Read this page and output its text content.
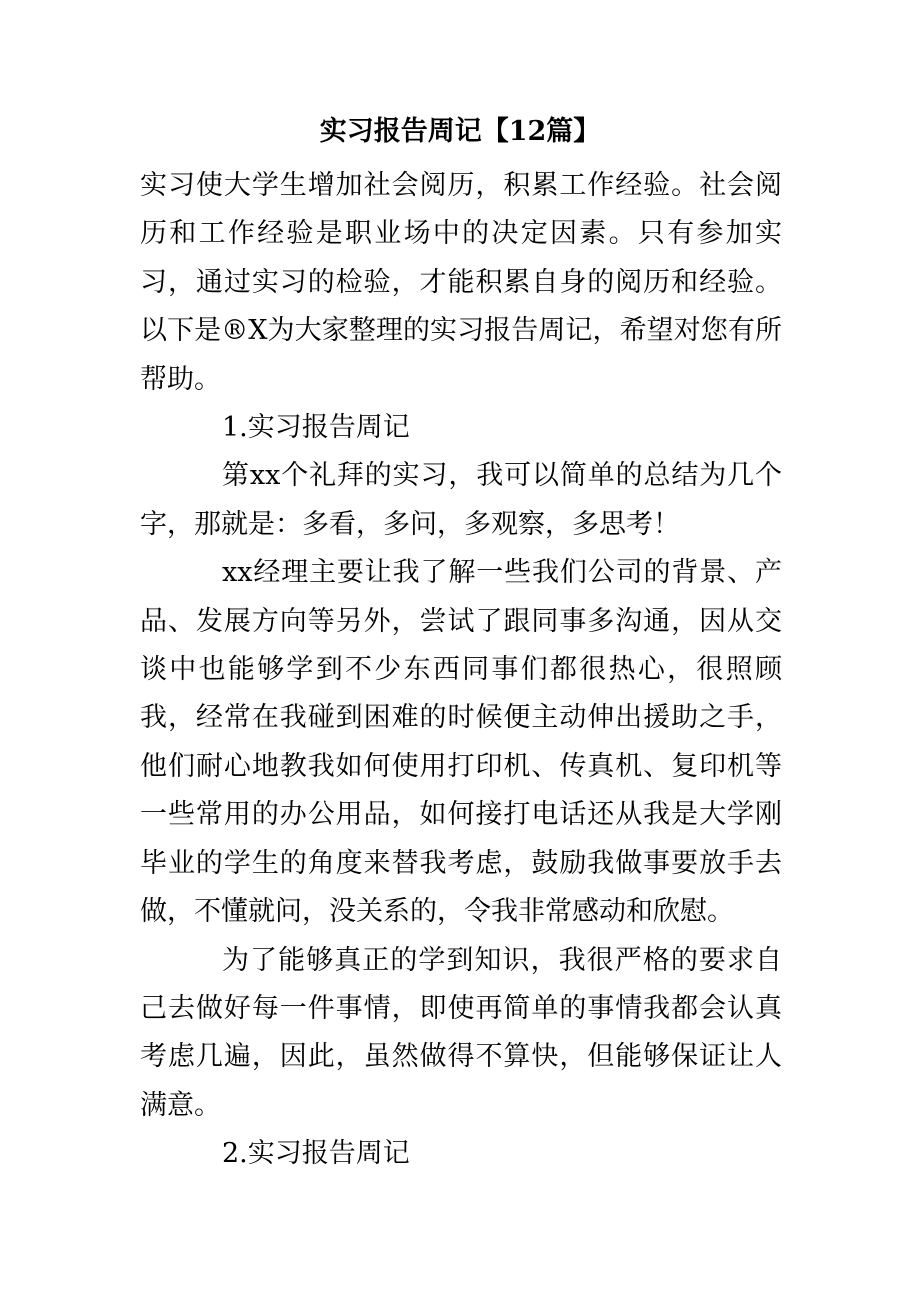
实习报告周记【12篇】

实习使大学生增加社会阅历，积累工作经验。社会阅历和工作经验是职业场中的决定因素。只有参加实习，通过实习的检验，才能积累自身的阅历和经验。以下是®X为大家整理的实习报告周记，希望对您有所帮助。

1.实习报告周记

第xx个礼拜的实习，我可以简单的总结为几个字，那就是：多看，多问，多观察，多思考！

xx经理主要让我了解一些我们公司的背景、产品、发展方向等另外，尝试了跟同事多沟通，因从交谈中也能够学到不少东西同事们都很热心，很照顾我，经常在我碰到困难的时候便主动伸出援助之手，他们耐心地教我如何使用打印机、传真机、复印机等一些常用的办公用品，如何接打电话还从我是大学刚毕业的学生的角度来替我考虑，鼓励我做事要放手去做，不懂就问，没关系的，令我非常感动和欣慰。

为了能够真正的学到知识，我很严格的要求自己去做好每一件事情，即使再简单的事情我都会认真考虑几遍，因此，虽然做得不算快，但能够保证让人满意。

2.实习报告周记
